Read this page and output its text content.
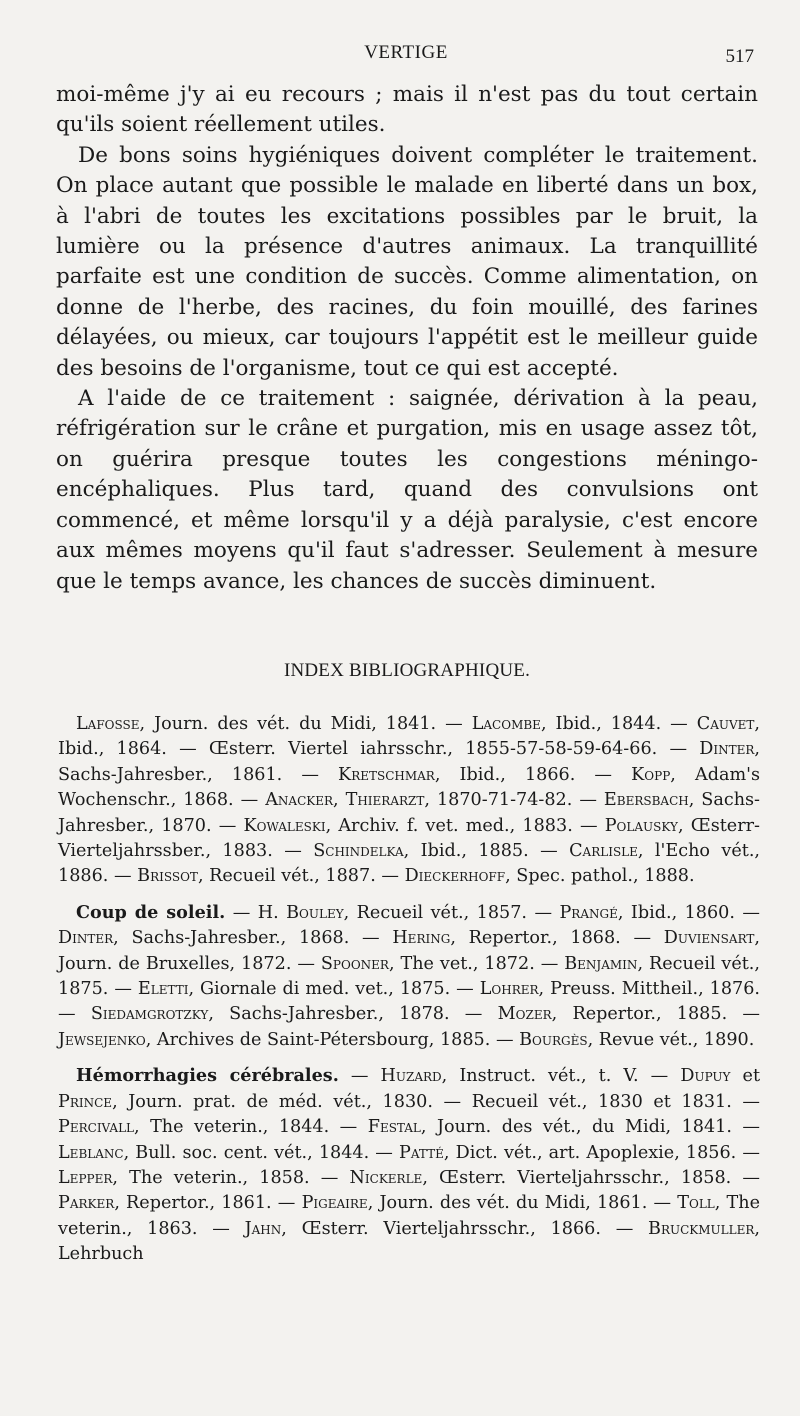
VERTIGE	517

moi-même j'y ai eu recours ; mais il n'est pas du tout certain qu'ils soient réellement utiles.

De bons soins hygiéniques doivent compléter le traitement. On place autant que possible le malade en liberté dans un box, à l'abri de toutes les excitations possibles par le bruit, la lumière ou la présence d'autres animaux. La tranquillité parfaite est une condition de succès. Comme alimentation, on donne de l'herbe, des racines, du foin mouillé, des farines délayées, ou mieux, car toujours l'appétit est le meilleur guide des besoins de l'organisme, tout ce qui est accepté.

A l'aide de ce traitement : saignée, dérivation à la peau, réfrigération sur le crâne et purgation, mis en usage assez tôt, on guérira presque toutes les congestions méningo-encéphaliques. Plus tard, quand des convulsions ont commencé, et même lorsqu'il y a déjà paralysie, c'est encore aux mêmes moyens qu'il faut s'adresser. Seulement à mesure que le temps avance, les chances de succès diminuent.

INDEX BIBLIOGRAPHIQUE.

Lafosse, Journ. des vét. du Midi, 1841. — Lacombe, Ibid., 1844. — Cauvet, Ibid., 1864. — Œsterr. Viertel iahrsschr., 1855-57-58-59-64-66. — Dinter, Sachs-Jahresber., 1861. — Kretschmar, Ibid., 1866. — Kopp, Adam's Wochenschr., 1868. — Anacker, Thierarzt, 1870-71-74-82. — Ebersbach, Sachs-Jahresber., 1870. — Kowaleski, Archiv. f. vet. med., 1883. — Polausky, Œsterr-Vierteljahrssber., 1883. — Schindelka, Ibid., 1885. — Carlisle, l'Echo vét., 1886. — Brissot, Recueil vét., 1887. — Dieckerhoff, Spec. pathol., 1888.

Coup de soleil. — H. Bouley, Recueil vét., 1857. — Prangé, Ibid., 1860. — Dinter, Sachs-Jahresber., 1868. — Hering, Repertor., 1868. — Duviensart, Journ. de Bruxelles, 1872. — Spooner, The vet., 1872. — Benjamin, Recueil vét., 1875. — Eletti, Giornale di med. vet., 1875. — Lohrer, Preuss. Mittheil., 1876. — Siedamgrotzky, Sachs-Jahresber., 1878. — Mozer, Repertor., 1885. — Jewsejenko, Archives de Saint-Pétersbourg, 1885. — Bourgès, Revue vét., 1890.

Hémorrhagies cérébrales. — Huzard, Instruct. vét., t. V. — Dupuy et Prince, Journ. prat. de méd. vét., 1830. — Recueil vét., 1830 et 1831. — Percivall, The veterin., 1844. — Festal, Journ. des vét., du Midi, 1841. — Leblanc, Bull. soc. cent. vét., 1844. — Patté, Dict. vét., art. Apoplexie, 1856. — Lepper, The veterin., 1858. — Nickerle, Œsterr. Vierteljahrsschr., 1858. — Parker, Repertor., 1861. — Pigeaire, Journ. des vét. du Midi, 1861. — Toll, The veterin., 1863. — Jahn, Œsterr. Vierteljahrsschr., 1866. — Bruckmuller, Lehrbuch
